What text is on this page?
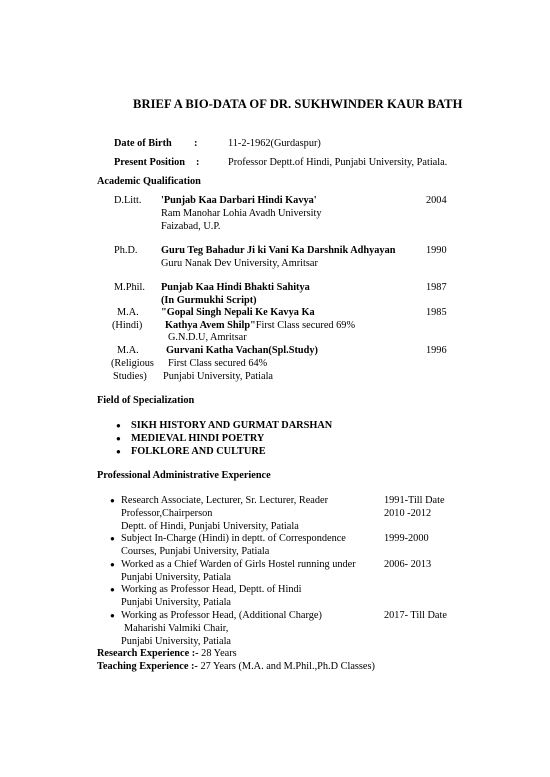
BRIEF A BIO-DATA OF DR. SUKHWINDER KAUR BATH
Date of Birth :	11-2-1962(Gurdaspur)
Present Position :	Professor Deptt.of Hindi, Punjabi University, Patiala.
Academic Qualification
D.Litt. 'Punjab Kaa Darbari Hindi Kavya'	2004
Ram Manohar Lohia Avadh University
Faizabad, U.P.
Ph.D. Guru Teg Bahadur Ji ki Vani Ka Darshnik Adhyayan	1990
Guru Nanak Dev University, Amritsar
M.Phil. Punjab Kaa Hindi Bhakti Sahitya	1987
(In Gurmukhi Script)
M.A.
(Hindi)
"Gopal Singh Nepali Ke Kavya Ka	1985
Kathya Avem Shilp"First Class secured 69%
G.N.D.U, Amritsar
M.A.
(Religious
Studies)
Gurvani Katha Vachan(Spl.Study)	1996
First Class secured 64%
Punjabi University, Patiala
Field of Specialization
● SIKH HISTORY AND GURMAT DARSHAN
● MEDIEVAL HINDI POETRY
● FOLKLORE AND CULTURE
Professional Administrative Experience
● Research Associate, Lecturer, Sr. Lecturer, Reader	1991-Till Date
Professor,Chairperson	2010 -2012
Deptt. of Hindi, Punjabi University, Patiala
● Subject In-Charge (Hindi) in deptt. of Correspondence	1999-2000
Courses, Punjabi University, Patiala
● Worked as a Chief Warden of Girls Hostel running under	2006- 2013
Punjabi University, Patiala
● Working as Professor Head, Deptt. of Hindi
Punjabi University, Patiala
● Working as Professor Head, (Additional Charge)	2017- Till Date
Maharishi Valmiki Chair,
Punjabi University, Patiala
Research Experience :- 28 Years
Teaching Experience :- 27 Years (M.A. and M.Phil.,Ph.D Classes)
